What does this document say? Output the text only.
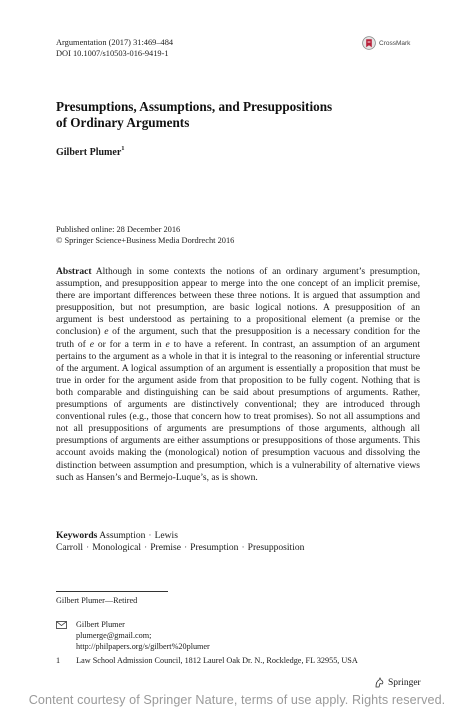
Argumentation (2017) 31:469–484
DOI 10.1007/s10503-016-9419-1
CrossMark
Presumptions, Assumptions, and Presuppositions
of Ordinary Arguments
Gilbert Plumer$^1$
Published online: 28 December 2016
© Springer Science+Business Media Dordrecht 2016
Abstract Although in some contexts the notions of an ordinary argument’s presumption, assumption, and presupposition appear to merge into the one concept of an implicit premise, there are important differences between these three notions. It is argued that assumption and presupposition, but not presumption, are basic logical notions. A presupposition of an argument is best understood as pertaining to a propositional element (a premise or the conclusion) e of the argument, such that the presupposition is a necessary condition for the truth of e or for a term in e to have a referent. In contrast, an assumption of an argument pertains to the argument as a whole in that it is integral to the reasoning or inferential structure of the argument. A logical assumption of an argument is essentially a proposition that must be true in order for the argument aside from that proposition to be fully cogent. Nothing that is both comparable and distinguishing can be said about presumptions of arguments. Rather, presumptions of arguments are distinctively conventional; they are introduced through conventional rules (e.g., those that concern how to treat promises). So not all assumptions and not all presuppositions of arguments are presumptions of those arguments, although all presumptions of arguments are either assumptions or presuppositions of those arguments. This account avoids making the (monological) notion of presumption vacuous and dissolving the distinction between assumption and presumption, which is a vulnerability of alternative views such as Hansen’s and Bermejo-Luque’s, as is shown.
Keywords Assumption · Lewis Carroll · Monological · Premise · Presumption · Presupposition
Gilbert Plumer—Retired
Gilbert Plumer
plumerge@gmail.com;
http://philpapers.org/s/gilbert%20plumer
1 Law School Admission Council, 1812 Laurel Oak Dr. N., Rockledge, FL 32955, USA
Springer
Content courtesy of Springer Nature, terms of use apply. Rights reserved.
